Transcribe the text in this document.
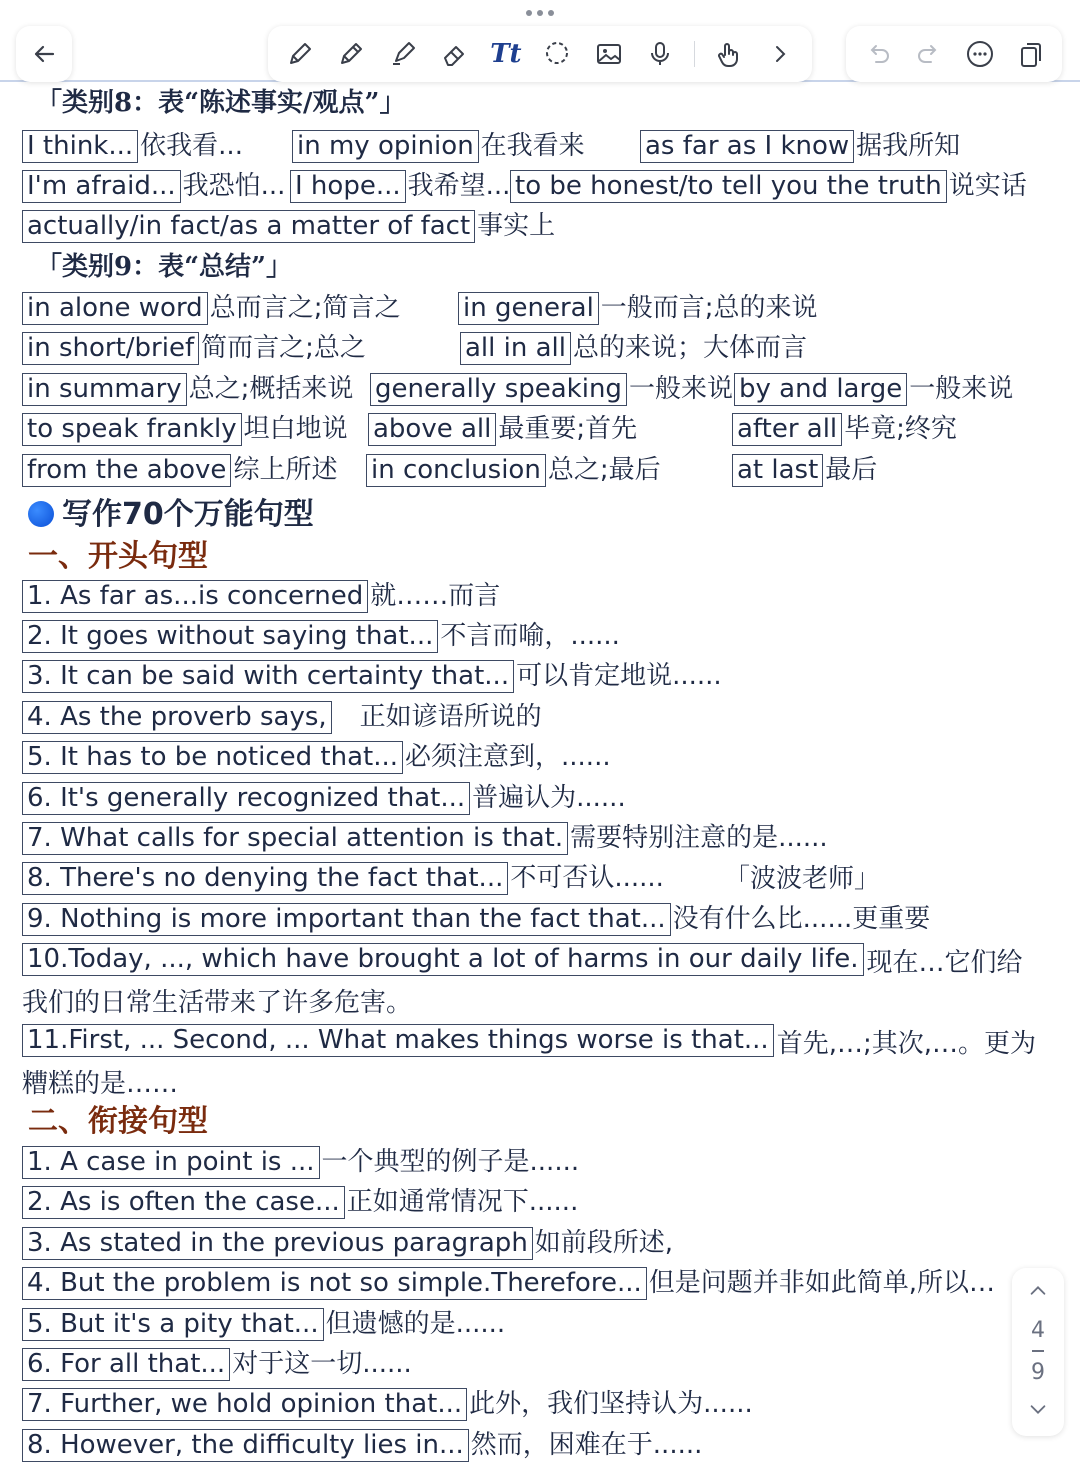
Tt
「类别8：表“陈述事实/观点”」
I think... 依我看... in my opinion 在我看来 as far as I know 据我所知
I'm afraid... 我恐怕... I hope... 我希望... to be honest/to tell you the truth 说实话
actually/in fact/as a matter of fact 事实上
「类别9：表“总结”」
in alone word 总而言之;简言之 in general 一般而言;总的来说
in short/brief 简而言之;总之	all in all 总的来说；大体而言
in summary 总之;概括来说 generally speaking 一般来说 by and large 一般来说
to speak frankly 坦白地说 above all 最重要;首先	after all 毕竟;终究
from the above 综上所述 in conclusion 总之;最后	at last 最后
写作70个万能句型
一、开头句型
1. As far as...is concerned 就……而言
2. It goes without saying that... 不言而喻，......
3. It can be said with certainty that... 可以肯定地说......
4. As the proverb says,　正如谚语所说的
5. It has to be noticed that... 必须注意到，......
6. It's generally recognized that... 普遍认为......
7. What calls for special attention is that. 需要特别注意的是......
8. There's no denying the fact that... 不可否认...... 「波波老师」
9. Nothing is more important than the fact that... 没有什么比......更重要
10.Today, ..., which have brought a lot of harms in our daily life. 现在…它们给我们的日常生活带来了许多危害。
11.First, ... Second, ... What makes things worse is that... 首先,…;其次,…。更为糟糕的是……
二、衔接句型
1. A case in point is ... 一个典型的例子是......
2. As is often the case... 正如通常情况下......
3. As stated in the previous paragraph 如前段所述,
4. But the problem is not so simple.Therefore... 但是问题并非如此简单,所以…
5. But it's a pity that... 但遗憾的是......
6. For all that... 对于这一切......
7. Further, we hold opinion that... 此外，我们坚持认为......
8. However, the difficulty lies in... 然而，困难在于......
4
9
